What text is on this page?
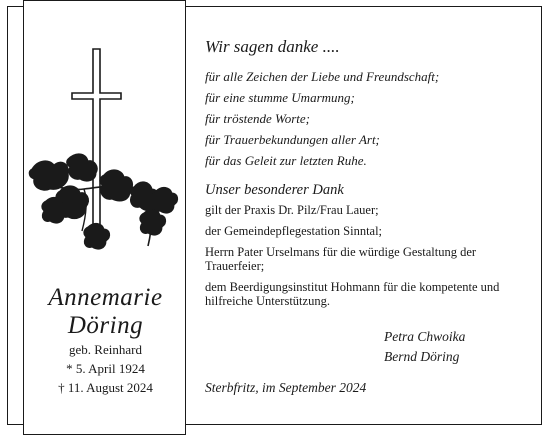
Annemarie
Döring
geb. Reinhard
* 5. April 1924
† 11. August 2024
Wir sagen danke ....
für alle Zeichen der Liebe und Freundschaft;
für eine stumme Umarmung;
für tröstende Worte;
für Trauerbekundungen aller Art;
für das Geleit zur letzten Ruhe.
Unser besonderer Dank
gilt der Praxis Dr. Pilz/Frau Lauer;
der Gemeindepflegestation Sinntal;
Herrn Pater Urselmans für die würdige Gestaltung der Trauerfeier;
dem Beerdigungsinstitut Hohmann für die kompetente und hilfreiche Unterstützung.
Petra Chwoika
Bernd Döring
Sterbfritz, im September 2024
